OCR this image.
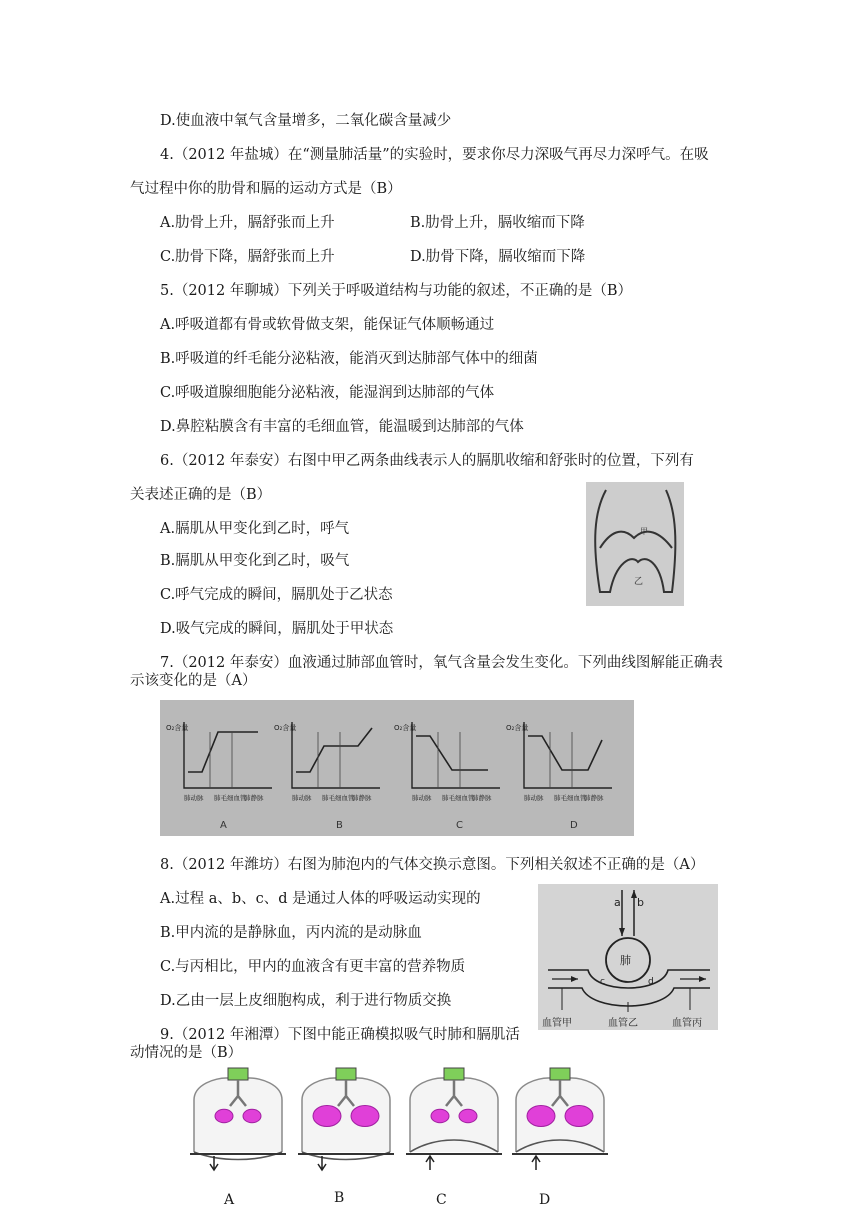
D.使血液中氧气含量增多，二氧化碳含量减少
4.（2012 年盐城）在“测量肺活量”的实验时，要求你尽力深吸气再尽力深呼气。在吸
气过程中你的肋骨和膈的运动方式是（B）
A.肋骨上升，膈舒张而上升	B.肋骨上升，膈收缩而下降
C.肋骨下降，膈舒张而上升	D.肋骨下降，膈收缩而下降
5.（2012 年聊城）下列关于呼吸道结构与功能的叙述，不正确的是（B）
A.呼吸道都有骨或软骨做支架，能保证气体顺畅通过
B.呼吸道的纤毛能分泌粘液，能消灭到达肺部气体中的细菌
C.呼吸道腺细胞能分泌粘液，能湿润到达肺部的气体
D.鼻腔粘膜含有丰富的毛细血管，能温暖到达肺部的气体
6.（2012 年泰安）右图中甲乙两条曲线表示人的膈肌收缩和舒张时的位置，下列有
关表述正确的是（B）
A.膈肌从甲变化到乙时，呼气
B.膈肌从甲变化到乙时，吸气
C.呼气完成的瞬间，膈肌处于乙状态
D.吸气完成的瞬间，膈肌处于甲状态
甲
乙
7.（2012 年泰安）血液通过肺部血管时，氧气含量会发生变化。下列曲线图解能正确表
示该变化的是（A）
O₂含量
肺动脉 肺毛细血管
肺静脉
A
O₂含量
肺动脉 肺毛细血管
肺静脉
B
O₂含量
肺动脉 肺毛细血管
肺静脉
C
O₂含量
肺动脉 肺毛细血管
肺静脉
D
8.（2012 年潍坊）右图为肺泡内的气体交换示意图。下列相关叙述不正确的是（A）
A.过程 a、b、c、d 是通过人体的呼吸运动实现的
B.甲内流的是静脉血，丙内流的是动脉血
C.与丙相比，甲内的血液含有更丰富的营养物质
D.乙由一层上皮细胞构成，利于进行物质交换
a b
肺
c	d
血管甲	血管乙	血管丙
9.（2012 年湘潭）下图中能正确模拟吸气时肺和膈肌活
动情况的是（B）
A	B	C	D
